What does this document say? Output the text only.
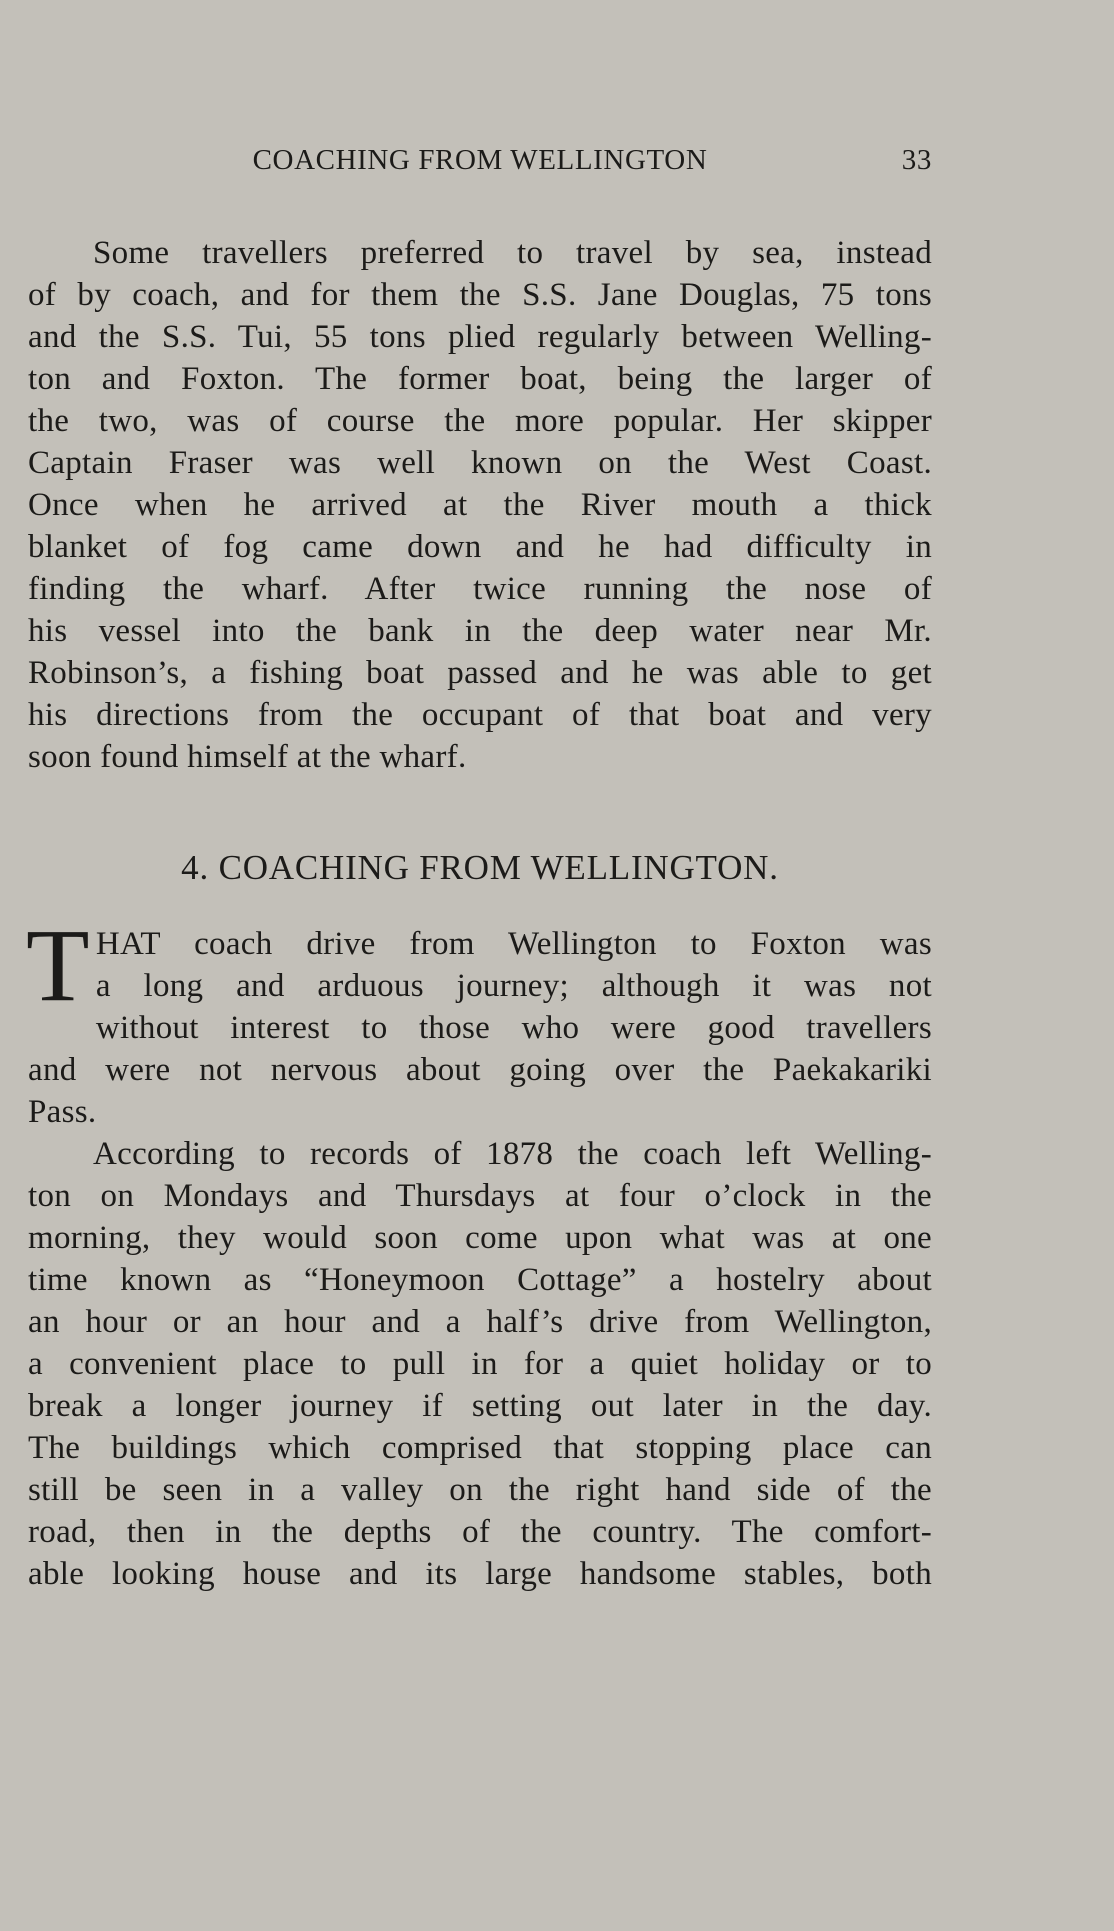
COACHING FROM WELLINGTON	33
Some travellers preferred to travel by sea, instead
of by coach, and for them the S.S. Jane Douglas, 75 tons
and the S.S. Tui, 55 tons plied regularly between Welling-
ton and Foxton. The former boat, being the larger of
the two, was of course the more popular. Her skipper
Captain Fraser was well known on the West Coast.
Once when he arrived at the River mouth a thick
blanket of fog came down and he had difficulty in
finding the wharf. After twice running the nose of
his vessel into the bank in the deep water near Mr.
Robinson’s, a fishing boat passed and he was able to get
his directions from the occupant of that boat and very
soon found himself at the wharf.
4. COACHING FROM WELLINGTON.
T HAT coach drive from Wellington to Foxton was
a long and arduous journey; although it was not
without interest to those who were good travellers
and were not nervous about going over the Paekakariki
Pass.
According to records of 1878 the coach left Welling-
ton on Mondays and Thursdays at four o’clock in the
morning, they would soon come upon what was at one
time known as “Honeymoon Cottage” a hostelry about
an hour or an hour and a half’s drive from Wellington,
a convenient place to pull in for a quiet holiday or to
break a longer journey if setting out later in the day.
The buildings which comprised that stopping place can
still be seen in a valley on the right hand side of the
road, then in the depths of the country. The comfort-
able looking house and its large handsome stables, both
